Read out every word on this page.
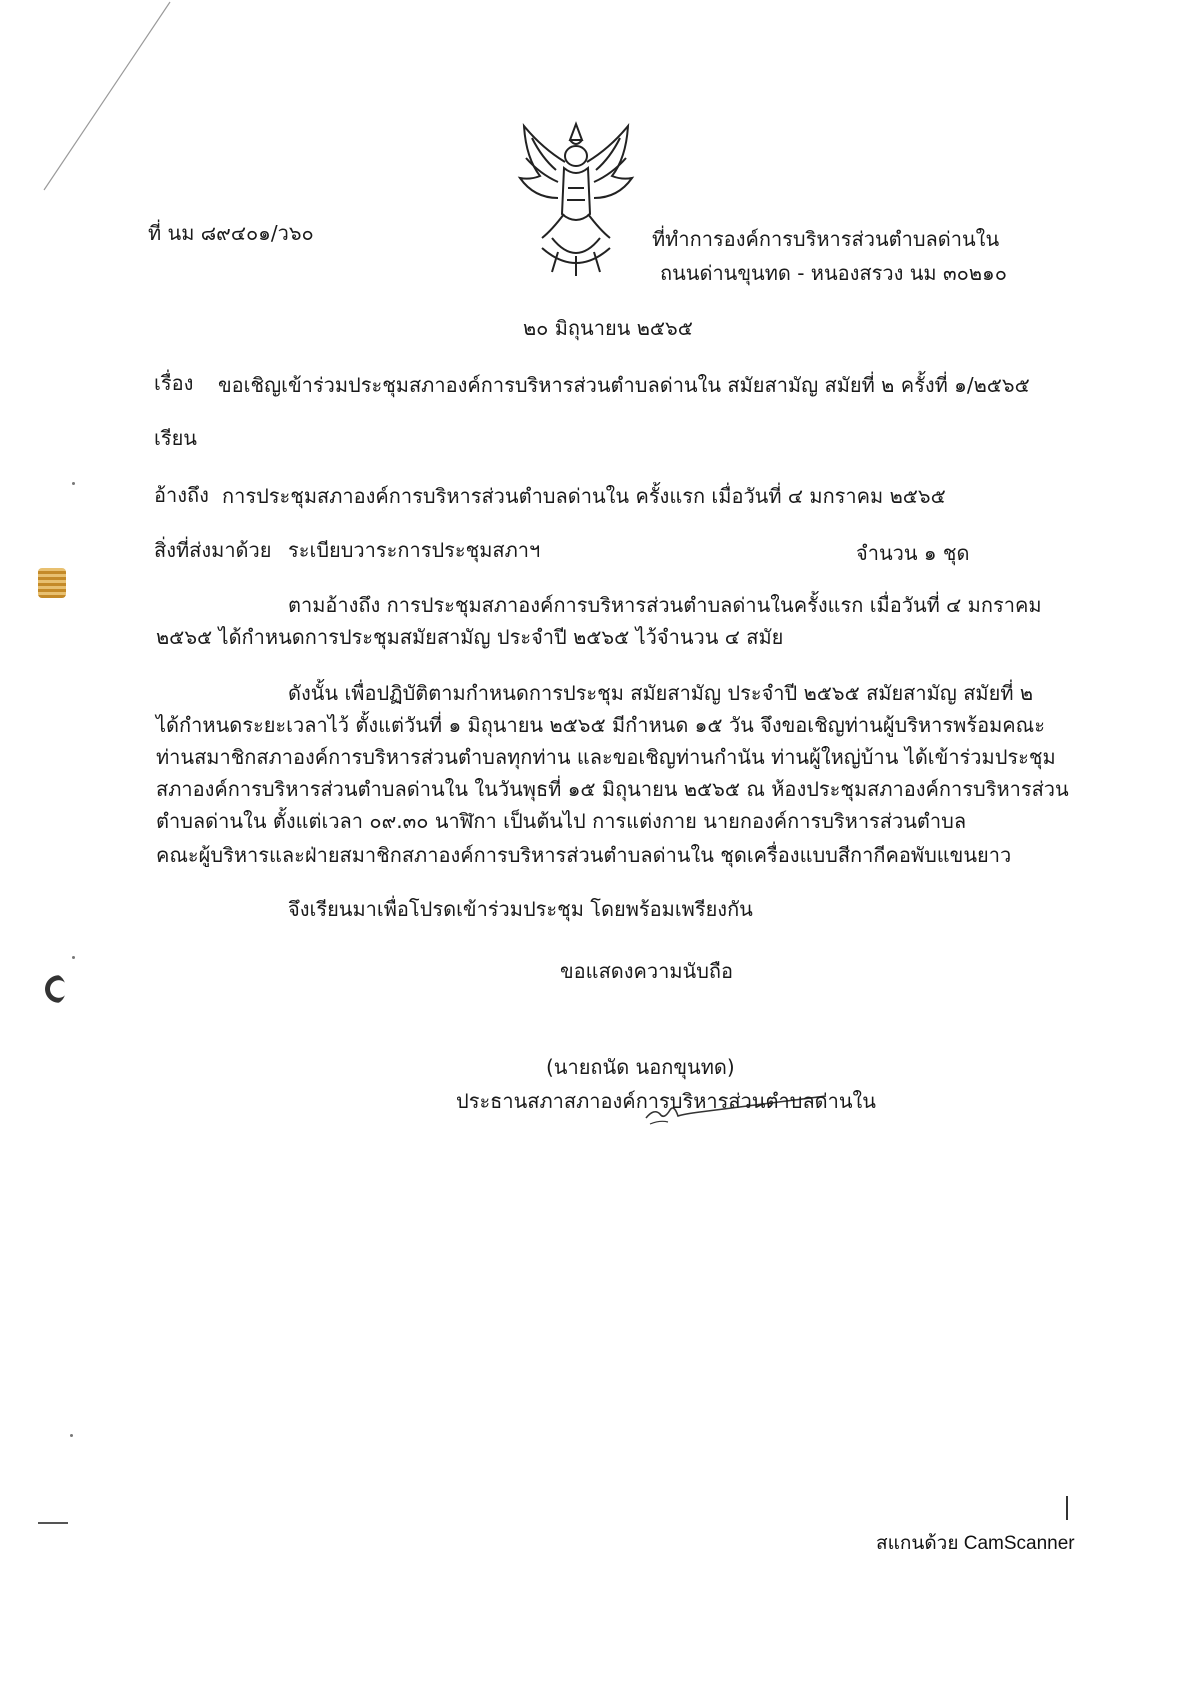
ที่ นม ๘๙๔๐๑/ว๖๐	ที่ทำการองค์การบริหารส่วนตำบลด่านใน
ถนนด่านขุนทด - หนองสรวง นม ๓๐๒๑๐
๒๐ มิถุนายน ๒๕๖๕
เรื่อง ขอเชิญเข้าร่วมประชุมสภาองค์การบริหารส่วนตำบลด่านใน สมัยสามัญ สมัยที่ ๒ ครั้งที่ ๑/๒๕๖๕
เรียน
อ้างถึง การประชุมสภาองค์การบริหารส่วนตำบลด่านใน ครั้งแรก เมื่อวันที่ ๔ มกราคม ๒๕๖๕
สิ่งที่ส่งมาด้วย ระเบียบวาระการประชุมสภาฯ	จำนวน ๑ ชุด
ตามอ้างถึง การประชุมสภาองค์การบริหารส่วนตำบลด่านในครั้งแรก เมื่อวันที่ ๔ มกราคม
๒๕๖๕ ได้กำหนดการประชุมสมัยสามัญ ประจำปี ๒๕๖๕ ไว้จำนวน ๔ สมัย
ดังนั้น เพื่อปฏิบัติตามกำหนดการประชุม สมัยสามัญ ประจำปี ๒๕๖๕ สมัยสามัญ สมัยที่ ๒
ได้กำหนดระยะเวลาไว้ ตั้งแต่วันที่ ๑ มิถุนายน ๒๕๖๕ มีกำหนด ๑๕ วัน จึงขอเชิญท่านผู้บริหารพร้อมคณะ
ท่านสมาชิกสภาองค์การบริหารส่วนตำบลทุกท่าน และขอเชิญท่านกำนัน ท่านผู้ใหญ่บ้าน ได้เข้าร่วมประชุม
สภาองค์การบริหารส่วนตำบลด่านใน ในวันพุธที่ ๑๕ มิถุนายน ๒๕๖๕ ณ ห้องประชุมสภาองค์การบริหารส่วน
ตำบลด่านใน ตั้งแต่เวลา ๐๙.๓๐ นาฬิกา เป็นต้นไป การแต่งกาย นายกองค์การบริหารส่วนตำบล
คณะผู้บริหารและฝ่ายสมาชิกสภาองค์การบริหารส่วนตำบลด่านใน ชุดเครื่องแบบสีกากีคอพับแขนยาว
จึงเรียนมาเพื่อโปรดเข้าร่วมประชุม โดยพร้อมเพรียงกัน
ขอแสดงความนับถือ
(นายถนัด นอกขุนทด)
ประธานสภาสภาองค์การบริหารส่วนตำบลด่านใน
สแกนด้วย CamScanner
